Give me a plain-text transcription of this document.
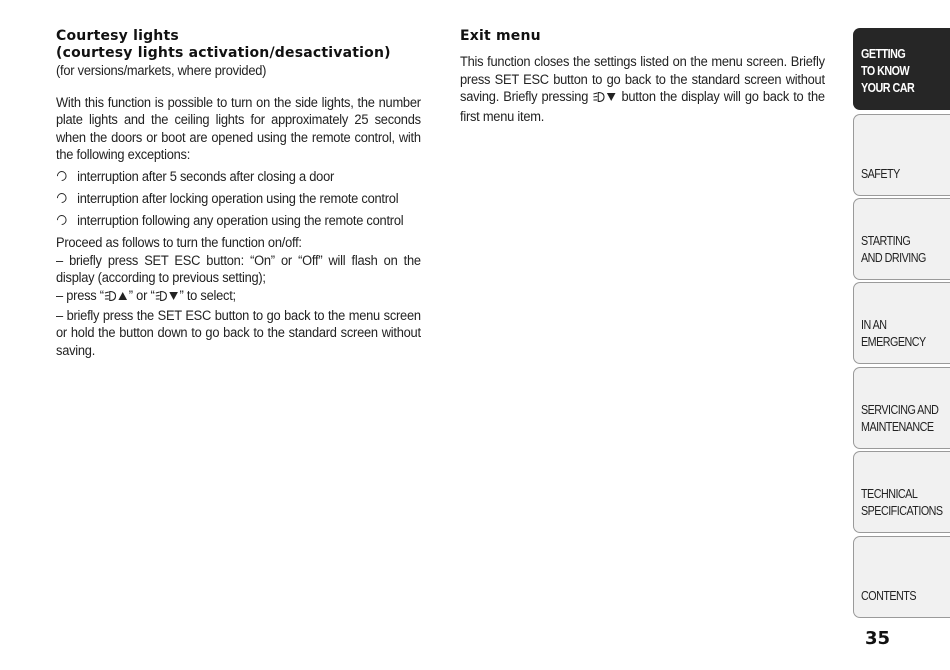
Courtesy lights
(courtesy lights activation/desactivation)
(for versions/markets, where provided)

With this function is possible to turn on the side lights, the number plate lights and the ceiling lights for approximately 25 seconds when the doors or boot are opened using the remote control, with the following exceptions:

interruption after 5 seconds after closing a door
interruption after locking operation using the remote control
interruption following any operation using the remote control

Proceed as follows to turn the function on/off:

– briefly press SET ESC button: “On” or “Off” will flash on the display (according to previous setting);

– press “ ” or “ ” to select;

– briefly press the SET ESC button to go back to the menu screen or hold the button down to go back to the standard screen without saving.

Exit menu

This function closes the settings listed on the menu screen. Briefly press SET ESC button to go back to the standard screen without saving. Briefly pressing  button the display will go back to the first menu item.

GETTING
TO KNOW
YOUR CAR
SAFETY
STARTING
AND DRIVING
IN AN
EMERGENCY
SERVICING AND
MAINTENANCE
TECHNICAL
SPECIFICATIONS
CONTENTS
35
